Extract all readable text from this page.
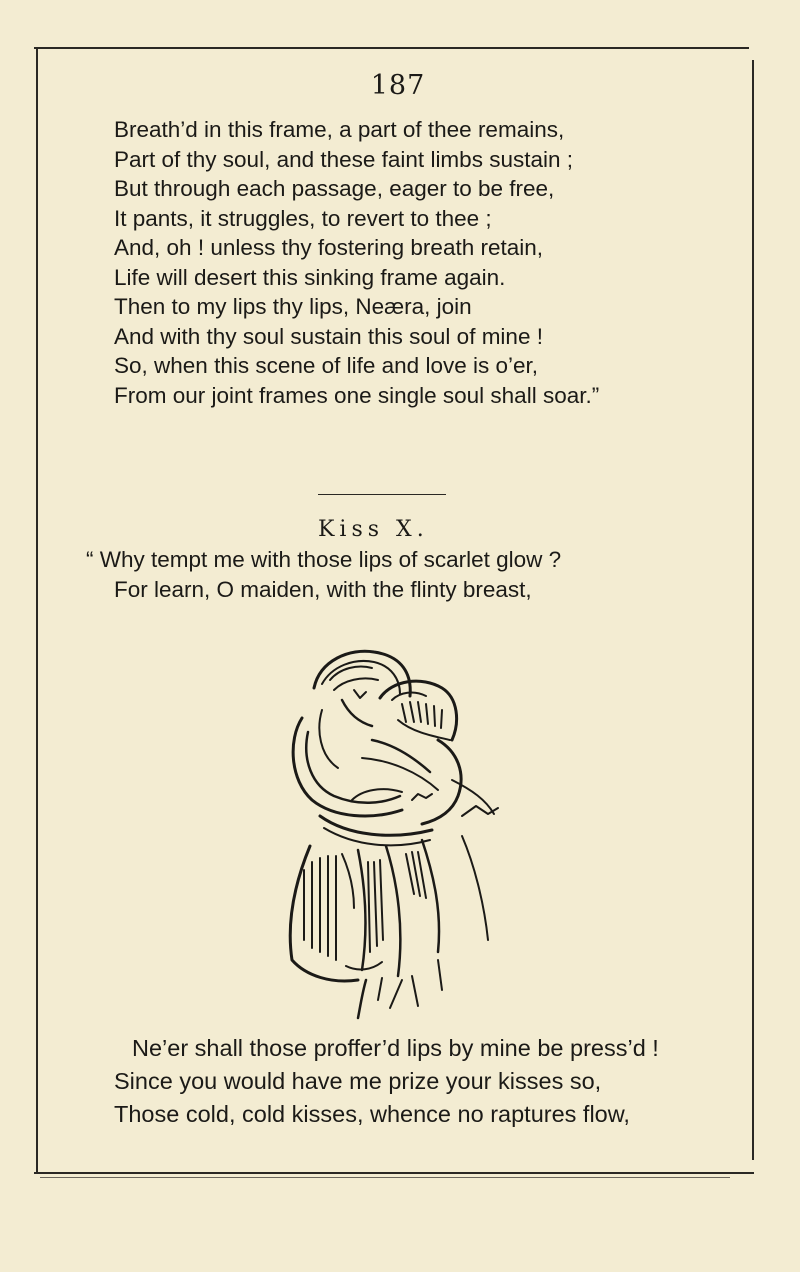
187
Breath’d in this frame, a part of thee remains,
Part of thy soul, and these faint limbs sustain ;
But through each passage, eager to be free,
It pants, it struggles, to revert to thee ;
And, oh ! unless thy fostering breath retain,
Life will desert this sinking frame again.
Then to my lips thy lips, Neæra, join
And with thy soul sustain this soul of mine !
So, when this scene of life and love is o’er,
From our joint frames one single soul shall soar.”
Kiss X.
“ Why tempt me with those lips of scarlet glow ?
For learn, O maiden, with the flinty breast,
Ne’er shall those proffer’d lips by mine be press’d !
Since you would have me prize your kisses so,
Those cold, cold kisses, whence no raptures flow,
